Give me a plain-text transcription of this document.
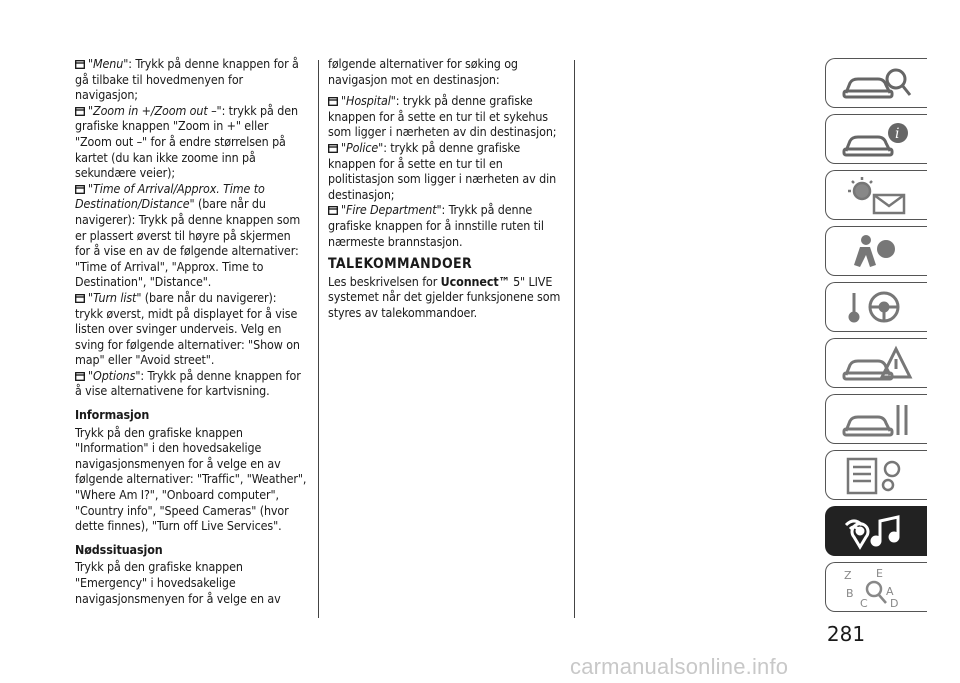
"Menu": Trykk på denne knappen for å gå tilbake til hovedmenyen for navigasjon;

"Zoom in +/Zoom out –": trykk på den grafiske knappen "Zoom in +" eller "Zoom out –" for å endre størrelsen på kartet (du kan ikke zoome inn på sekundære veier);

"Time of Arrival/Approx. Time to Destination/Distance" (bare når du navigerer): Trykk på denne knappen som er plassert øverst til høyre på skjermen for å vise en av de følgende alternativer: "Time of Arrival", "Approx. Time to Destination", "Distance".

"Turn list" (bare når du navigerer): trykk øverst, midt på displayet for å vise listen over svinger underveis. Velg en sving for følgende alternativer: "Show on map" eller "Avoid street".

"Options": Trykk på denne knappen for å vise alternativene for kartvisning.

Informasjon

Trykk på den grafiske knappen "Information" i den hovedsakelige navigasjonsmenyen for å velge en av følgende alternativer: "Traffic", "Weather", "Where Am I?", "Onboard computer", "Country info", "Speed Cameras" (hvor dette finnes), "Turn off Live Services".

Nødssituasjon

Trykk på den grafiske knappen "Emergency" i hovedsakelige navigasjonsmenyen for å velge en av

følgende alternativer for søking og navigasjon mot en destinasjon:

"Hospital": trykk på denne grafiske knappen for å sette en tur til et sykehus som ligger i nærheten av din destinasjon;

"Police": trykk på denne grafiske knappen for å sette en tur til en politistasjon som ligger i nærheten av din destinasjon;

"Fire Department": Trykk på denne grafiske knappen for å innstille ruten til nærmeste brannstasjon.

TALEKOMMANDOER

Les beskrivelsen for Uconnect™ 5" LIVE systemet når det gjelder funksjonene som styres av talekommandoer.

i
Z E
B
C
A
D
281
carmanualsonline.info
